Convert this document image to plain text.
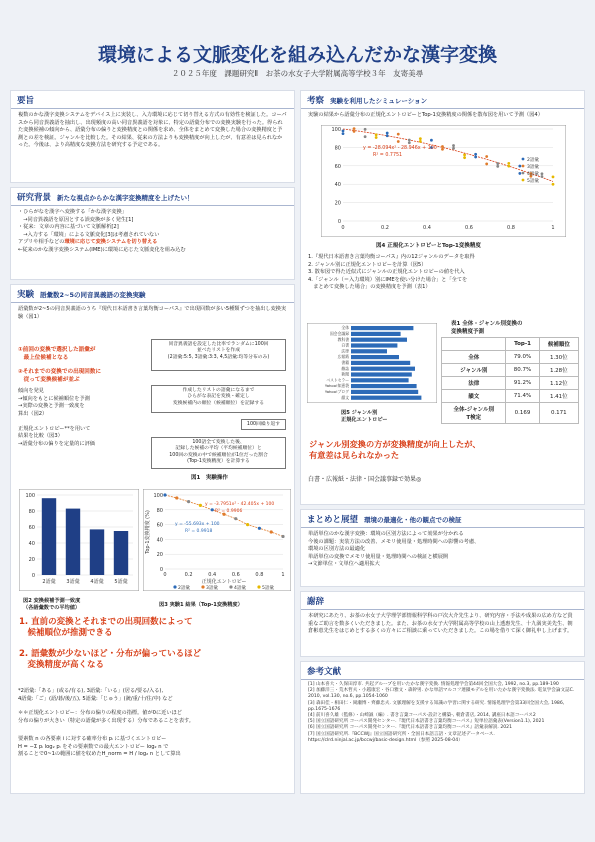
環境による文脈変化を組み込んだかな漢字変換
２０２５年度　課題研究Ⅱ　お茶の水女子大学附属高等学校３年　友寄美尋
要旨
複数のかな漢字変換システムをデバイス上に実装し、入力環境に応じて切り替える方式の有効性を検証した。コーパスから同音異義語を抽出し、出現頻度の高い同音異義語を対象に、特定の語彙分布での変換実験を行った。得られた変換候補の傾向から、語彙分布の偏りと変換精度との関係を求め、全体をまとめて変換した場合の変換精度と予測との差を検証。ジャンルを比較した。その結果、従来の方法よりも変換精度が向上したが、有意差は見られなかった。今後は、より高精度な変換方法を研究する予定である。
研究背景 新たな視点からかな漢字変換精度を上げたい！
・ひらがなを漢字へ変換する「かな漢字変換」
　→同音異義語を原因とする誤変換が多く発生[1]
・従来：文章の内容に基づいて文脈解析[2]
　→入力する「環境」による文脈変化[3]は考慮されていない
アプリや相手などの環境に応じて変換システムを切り替える
←従来のかな漢字変換システム(IME)に環境に応じた文脈変化を組み込む
実験 語彙数2~5の同音異義語の変換実験
語彙数が2~5の同音異義語のうち『現代日本語書き言葉均衡コーパス』で出現回数が多い5種類ずつを抽出し変換実験（図1）
①前回の変換で選択した語彙が
　最上位候補となる
②それまでの変換での出現回数に
　従って変換候補が並ぶ
傾向を発見
→傾向をもとに候補順位を予測
→実際の変換と予測一致度を
算出（図2）

正規化エントロピー**を用いて
結果を比較（図3）
→語彙分布の偏りを定量的に評価
同音異義語を設定した比率でランダムに100回
並べたリストを作成
(2語彙:5:5, 3語彙:3:3, 4,5語彙:均等分布のみ)
作成したリストの語彙になるまで
ひらがな表記を変換・確定し
変換候補内の順位（候補順位）を記録する
100回繰り返す
100語全て変換した後、
記録した候補の平均（平均候補順位）と
100回の変換の中で候補順位が1位だった割合
(Top-1変換精度）を計算する
図1　実験操作
0
20
40
60
80
100
2語彙 3語彙 4語彙 5語彙
図2 変換候補予測一致度
（各語彙数での平均値）
0
20
40
60
80
100
0	0.2	0.4	0.6	0.8	1
正規化エントロピー
Top-1変換精度 (%)
y = -3.7951x² - 42.405x + 100
R² = 0.9906
y = -55.693x + 100
R² = 0.9918
2語彙	3語彙	4語彙	5語彙
図3 実験1 結果（Top-1変換精度）
1. 直前の変換とそれまでの出現回数によって
　候補順位が推測できる
2. 語彙数が少ないほど・分布が偏っているほど
　変換精度が高くなる
*2語彙:「ある」(或る/有る), 3語彙:「いる」(居る/要る/入る),
4語彙:「ご」(語/碁/後/五), 5語彙:「じゅう」(銃/重/十/住/中) など
＊＊正規化エントロピー：分布の偏りの程度の指標。値が0に近いほど
分布の偏りが大きい（特定の語彙が多く出現する）分布であることを表す。
要素数 n の各要素 i に対する確率分布 pᵢ に基づくエントロピー
H = −Σ pᵢ log₂ pᵢ をその要素数での最大エントロピー log₂ n で
割ることで0~1の範囲に値を収めたH_norm = H / log₂ n として算出
考察 実験を利用したシミュレーション
実験の結果から語彙分布の正規化エントロピーとTop-1変換精度の関係を散布図を用いて予測（図4）
0
20
40
60
80
100
0	0.2	0.4	0.6	0.8	1
y = -28.094x² - 28.946x + 100
R² = 0.7751
2語彙
3語彙
4語彙
5語彙
図4 正規化エントロピーとTop-1変換精度
1.『現代日本語書き言葉均衡コーパス』内の12ジャンルのデータを取得
2. ジャンル別に正規化エントロピーを計算（図5）
3. 散布図で得た近似式にジャンルの正規化エントロピーの値を代入
4.「ジャンル（＝入力環境）別にIMEを使い分けた場合」と「全てを
　まとめて変換した場合」の変換精度を予測（表1）
全体
国会会議録
教科書
白書
法律
広報紙
書籍
雑誌
新聞
ベストセラー
Yahoo!知恵袋
Yahoo!ブログ
韻文
図5 ジャンル別
正規化エントロピー
表1 全体・ジャンル別変換の
変換精度予測
	Top-1	候補順位
全体	79.0%	1.30位
ジャンル別	80.7%	1.28位
法律	91.2%	1.12位
韻文	71.4%	1.41位
全体-ジャンル別
T検定	0.169	0.171
ジャンル別変換の方が変換精度が向上したが、
有意差は見られなかった
白書・広報紙・法律・国会議事録で効果◎
まとめと展望 環境の最適化・他の観点での検証
単語単位のかな漢字変換：環境の区別方法によって効果が分かれる
今後の課題：実装方法の改善、メモリ使用量・処理時間への影響の考慮、
環境の区別方法の最適化
単語単位の変換でメモリ使用量・処理時間への検証と横展開
→文節単位・文単位へ適用拡大
謝辞
本研究にあたり、お茶の水女子大学理学部情報科学科の戸次大介先生より、研究内容・手法や成果の広め方など貴重なご助言を数多くいただきました。また、お茶の水女子大学附属高等学校の山上透惠先生、十九満実美先生、朝倉彬恵先生をはじめとする多くの方々にご相談に乗っていただきました。この場を借りて深く御礼申し上げます。
参考文献
[1] 山本喜大・久保田淳市. 共起グループを用いたかな漢字変換. 情報処理学会第44回全国大会, 1992, no.3, pp.189-190
[2] 加藤洋三・荒木哲夫・小越康宏・谷口雅文・森幹男. かな単語マルコフ連鎖モデルを用いたかな漢字変換法. 電気学会論文誌C. 2010, vol.130, no.6, pp.1054-1060
[3] 森田佳・相田仁・岡瀬博・齊藤忠夫. 文脈理解を支援する知識の学習に関する研究. 情報処理学会第33回全国大会, 1986, pp.1675-1676
[4] 前川喜久雄（監修）・山崎誠（編）. 書き言葉コーパス-設計と構築-, 朝倉書店, 2014, 講座日本語コーパス2
[5] 国立国語研究所 コーパス開発センター.『現代日本語書き言葉均衡コーパス』短単位語彙表(Version1.1), 2021
[6] 国立国語研究所 コーパス開発センター.『現代日本語書き言葉均衡コーパス』語彙表解説. 2021
[7] 国立国語研究所.『BCCWJ』国立国語研究所・全国日本語言語・文章記述データベース. https://clrd.ninjal.ac.jp/bccwj/basic-design.html（参照 2025-08-04）
